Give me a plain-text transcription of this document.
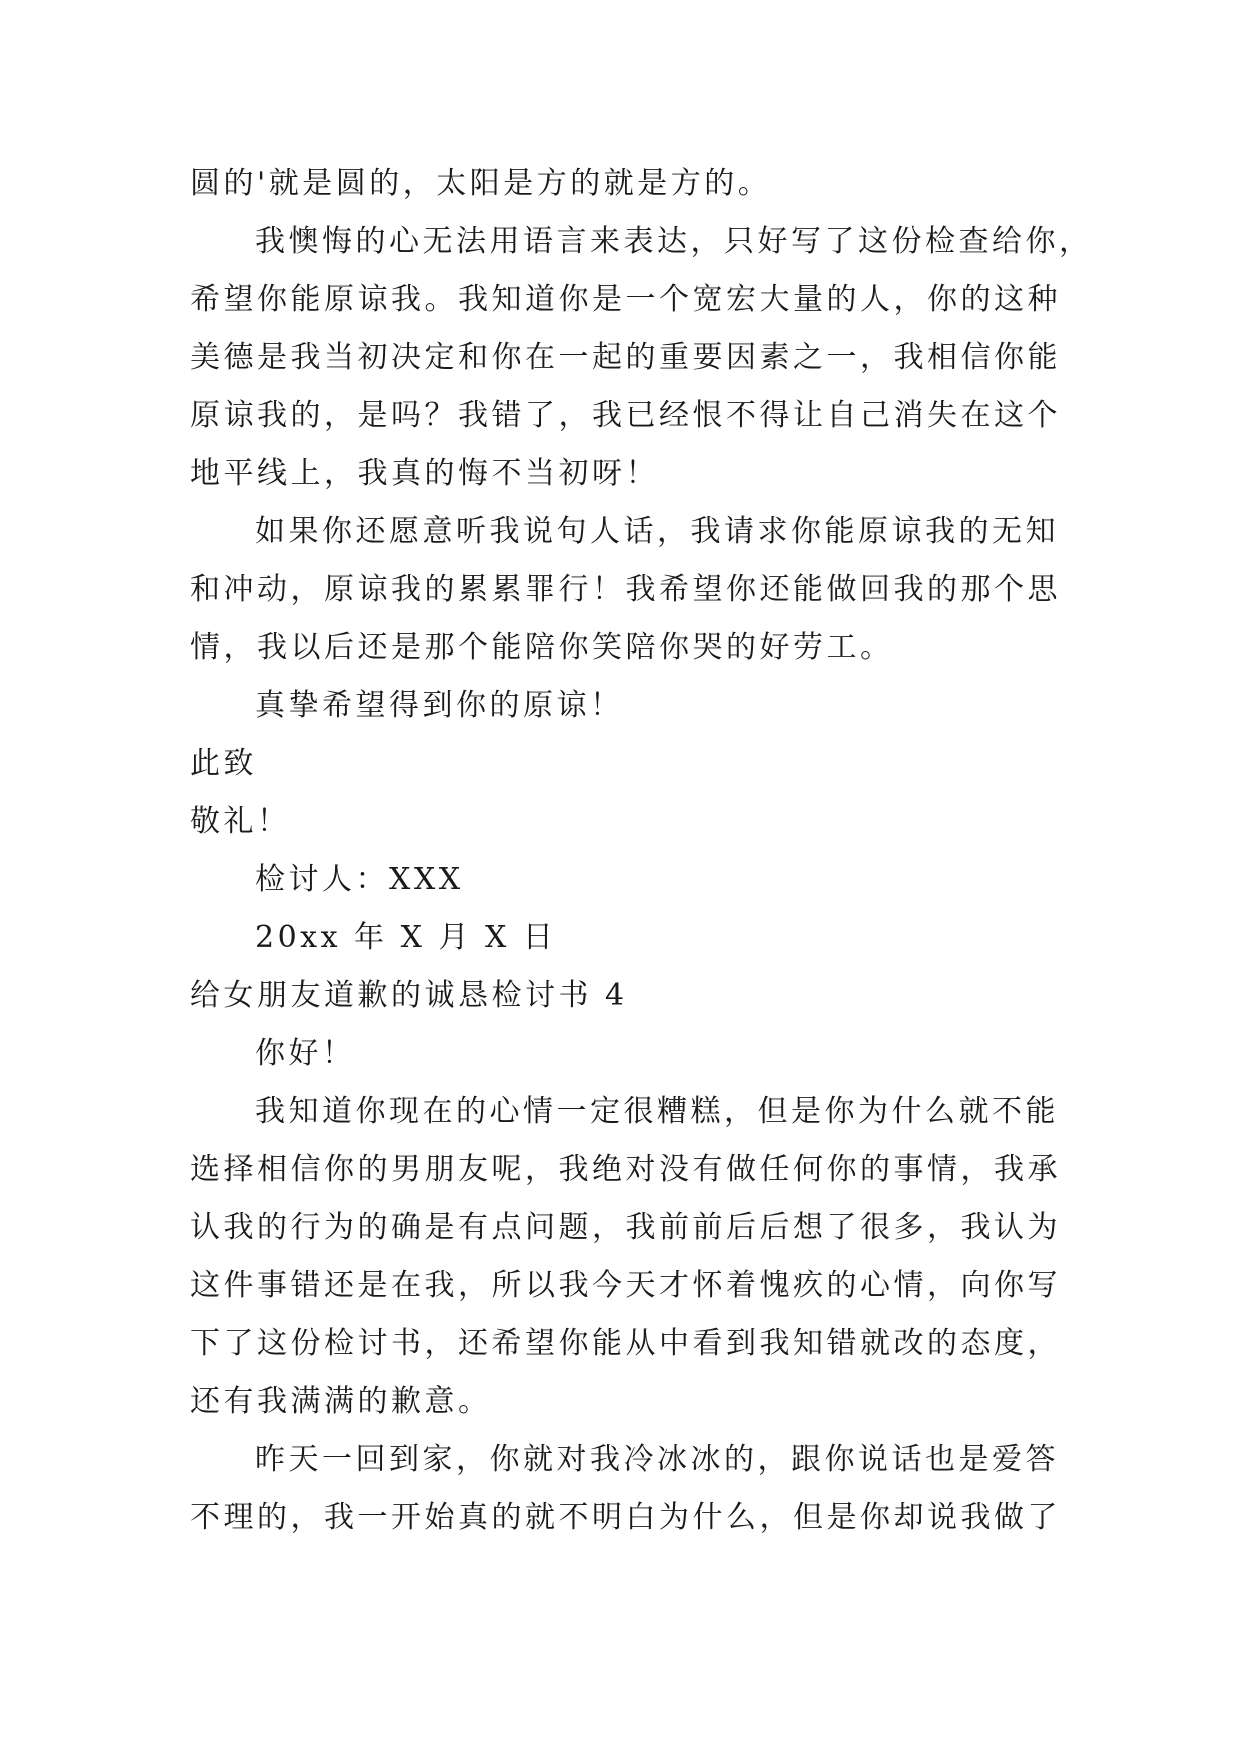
圆的'就是圆的，太阳是方的就是方的。
我懊悔的心无法用语言来表达，只好写了这份检查给你，
希望你能原谅我。我知道你是一个宽宏大量的人，你的这种
美德是我当初决定和你在一起的重要因素之一，我相信你能
原谅我的，是吗？我错了，我已经恨不得让自己消失在这个
地平线上，我真的悔不当初呀！
如果你还愿意听我说句人话，我请求你能原谅我的无知
和冲动，原谅我的累累罪行！我希望你还能做回我的那个思
情，我以后还是那个能陪你笑陪你哭的好劳工。
真挚希望得到你的原谅！
此致
敬礼！
检讨人：XXX
20xx 年 X 月 X 日
给女朋友道歉的诚恳检讨书 4
你好！
我知道你现在的心情一定很糟糕，但是你为什么就不能
选择相信你的男朋友呢，我绝对没有做任何你的事情，我承
认我的行为的确是有点问题，我前前后后想了很多，我认为
这件事错还是在我，所以我今天才怀着愧疚的心情，向你写
下了这份检讨书，还希望你能从中看到我知错就改的态度，
还有我满满的歉意。
昨天一回到家，你就对我冷冰冰的，跟你说话也是爱答
不理的，我一开始真的就不明白为什么，但是你却说我做了
